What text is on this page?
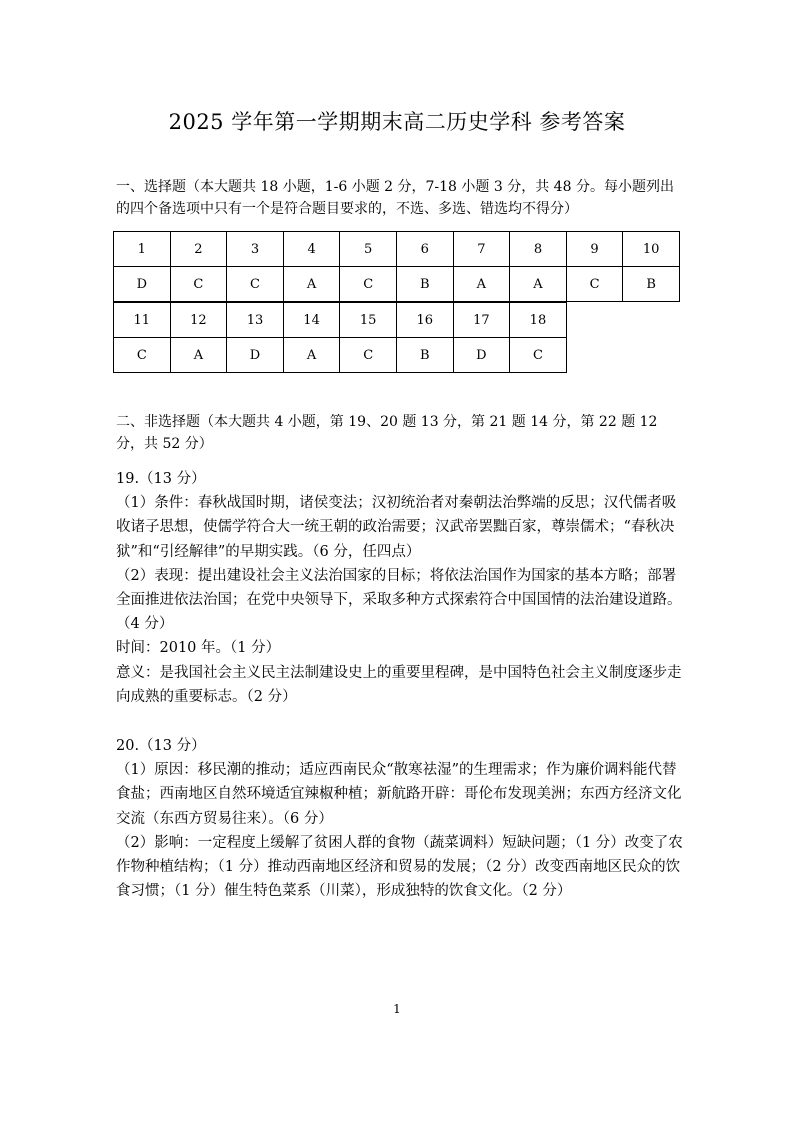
2025 学年第一学期期末高二历史学科 参考答案
一、选择题（本大题共 18 小题，1-6 小题 2 分，7-18 小题 3 分，共 48 分。每小题列出的四个备选项中只有一个是符合题目要求的，不选、多选、错选均不得分）
1	2	3	4	5	6	7	8	9	10
D	C	C	A	C	B	A	A	C	B
11	12	13	14	15	16	17	18
C	A	D	A	C	B	D	C
二、非选择题（本大题共 4 小题，第 19、20 题 13 分，第 21 题 14 分，第 22 题 12 分，共 52 分）

19.（13 分）

（1）条件：春秋战国时期，诸侯变法；汉初统治者对秦朝法治弊端的反思；汉代儒者吸收诸子思想，使儒学符合大一统王朝的政治需要；汉武帝罢黜百家，尊崇儒术；“春秋决狱”和“引经解律”的早期实践。（6 分，任四点）

（2）表现：提出建设社会主义法治国家的目标；将依法治国作为国家的基本方略；部署全面推进依法治国；在党中央领导下，采取多种方式探索符合中国国情的法治建设道路。（4 分）

时间：2010 年。（1 分）

意义：是我国社会主义民主法制建设史上的重要里程碑，是中国特色社会主义制度逐步走向成熟的重要标志。（2 分）

20.（13 分）

（1）原因：移民潮的推动；适应西南民众“散寒祛湿”的生理需求；作为廉价调料能代替食盐；西南地区自然环境适宜辣椒种植；新航路开辟：哥伦布发现美洲；东西方经济文化交流（东西方贸易往来）。（6 分）

（2）影响：一定程度上缓解了贫困人群的食物（蔬菜调料）短缺问题；（1 分）改变了农作物种植结构；（1 分）推动西南地区经济和贸易的发展；（2 分）改变西南地区民众的饮食习惯；（1 分）催生特色菜系（川菜），形成独特的饮食文化。（2 分）

1
